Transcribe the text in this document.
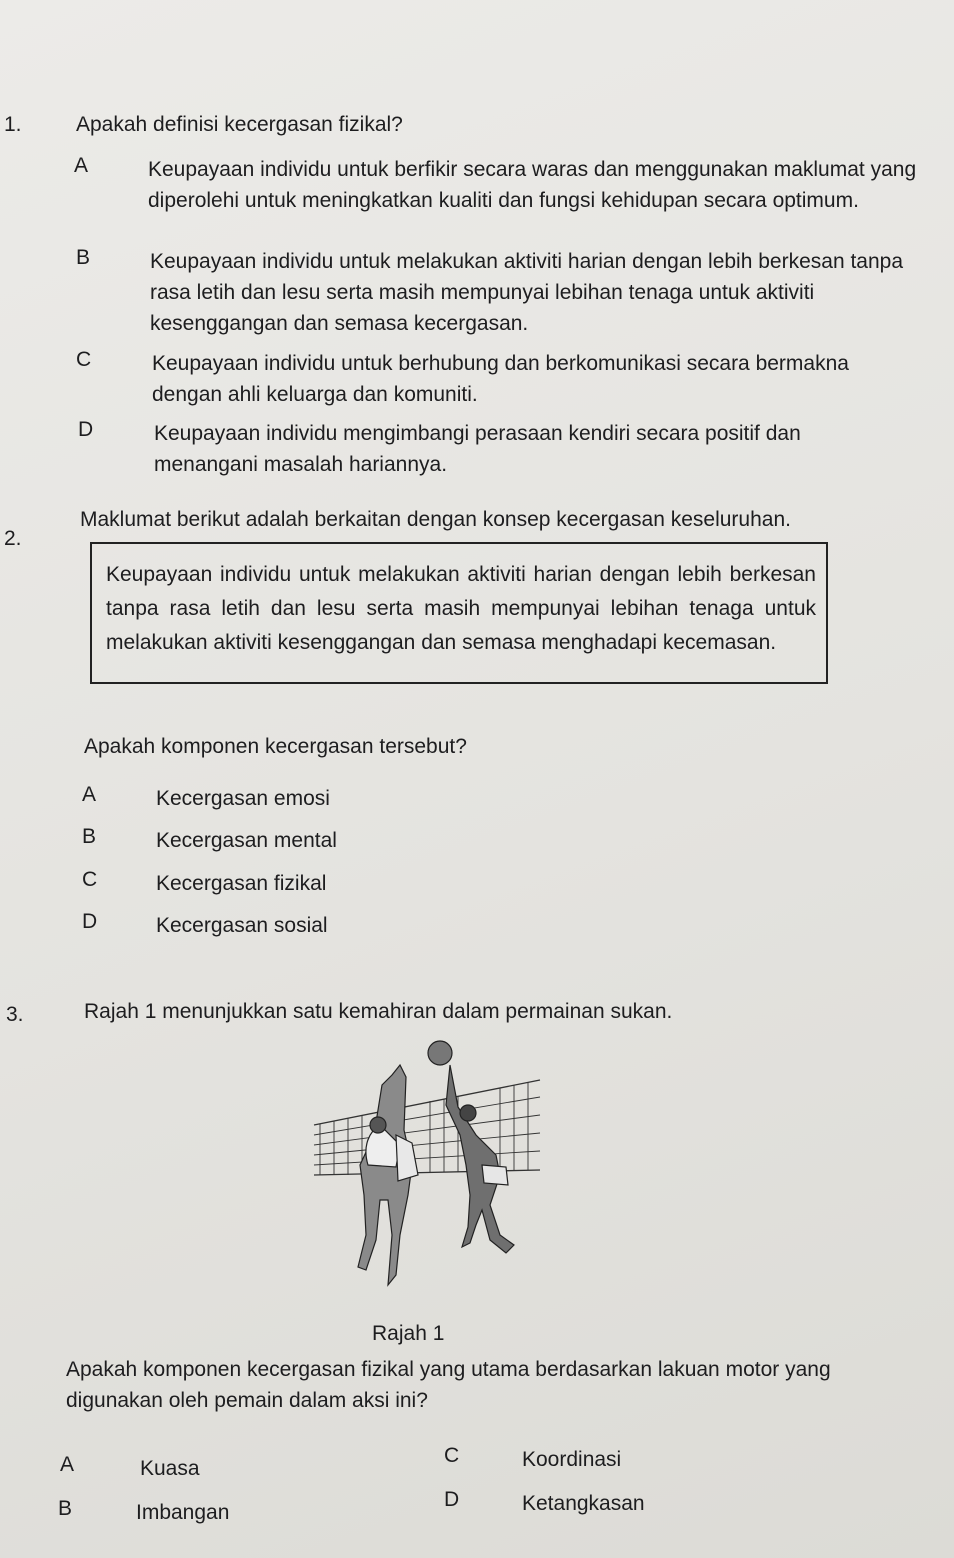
1.	Apakah definisi kecergasan fizikal?
A	Keupayaan individu untuk berfikir secara waras dan menggunakan maklumat yang diperolehi untuk meningkatkan kualiti dan fungsi kehidupan secara optimum.
B	Keupayaan individu untuk melakukan aktiviti harian dengan lebih berkesan tanpa rasa letih dan lesu serta masih mempunyai lebihan tenaga untuk aktiviti kesenggangan dan semasa kecergasan.
C	Keupayaan individu untuk berhubung dan berkomunikasi secara bermakna dengan ahli keluarga dan komuniti.
D	Keupayaan individu mengimbangi perasaan kendiri secara positif dan menangani masalah hariannya.
2.
Maklumat berikut adalah berkaitan dengan konsep kecergasan keseluruhan.
Keupayaan individu untuk melakukan aktiviti harian dengan lebih berkesan tanpa rasa letih dan lesu serta masih mempunyai lebihan tenaga untuk melakukan aktiviti kesenggangan dan semasa menghadapi kecemasan.
Apakah komponen kecergasan tersebut?
A	Kecergasan emosi
B	Kecergasan mental
C	Kecergasan fizikal
D	Kecergasan sosial
3.	Rajah 1 menunjukkan satu kemahiran dalam permainan sukan.
Rajah 1
Apakah komponen kecergasan fizikal yang utama berdasarkan lakuan motor yang digunakan oleh pemain dalam aksi ini?
A	Kuasa
B	Imbangan
C	Koordinasi
D	Ketangkasan
